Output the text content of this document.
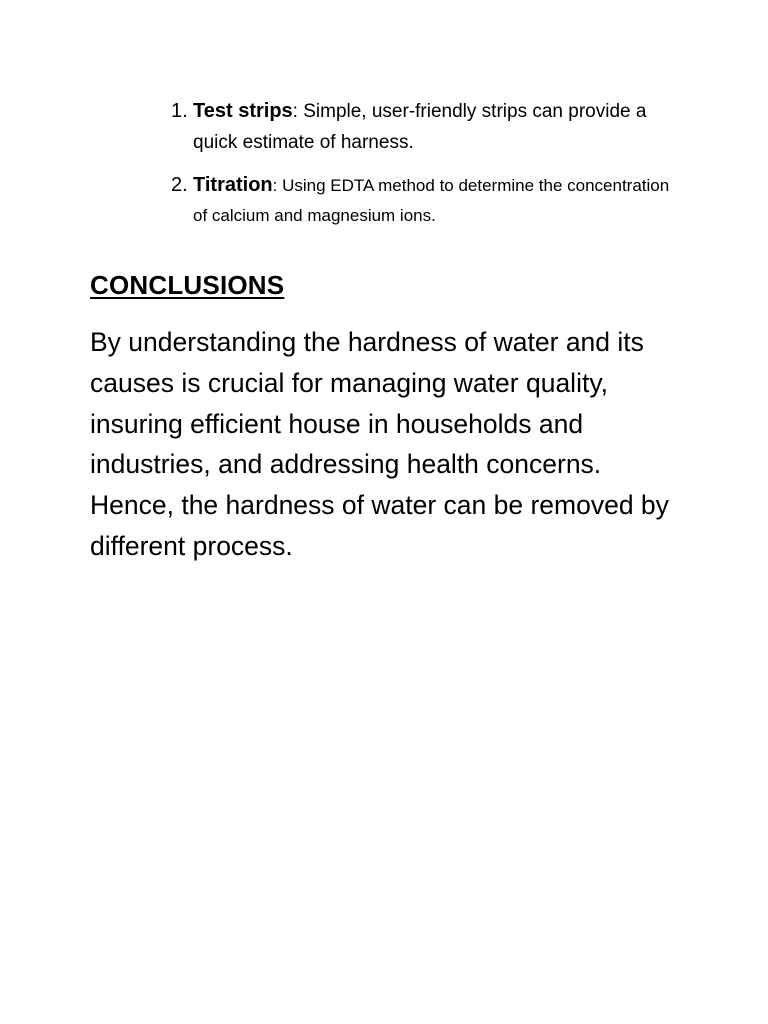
1. Test strips: Simple, user-friendly strips can provide a quick estimate of harness.
2. Titration: Using EDTA method to determine the concentration of calcium and magnesium ions.
CONCLUSIONS

By understanding the hardness of water and its causes is crucial for managing water quality, insuring efficient house in households and industries, and addressing health concerns. Hence, the hardness of water can be removed by different process.
